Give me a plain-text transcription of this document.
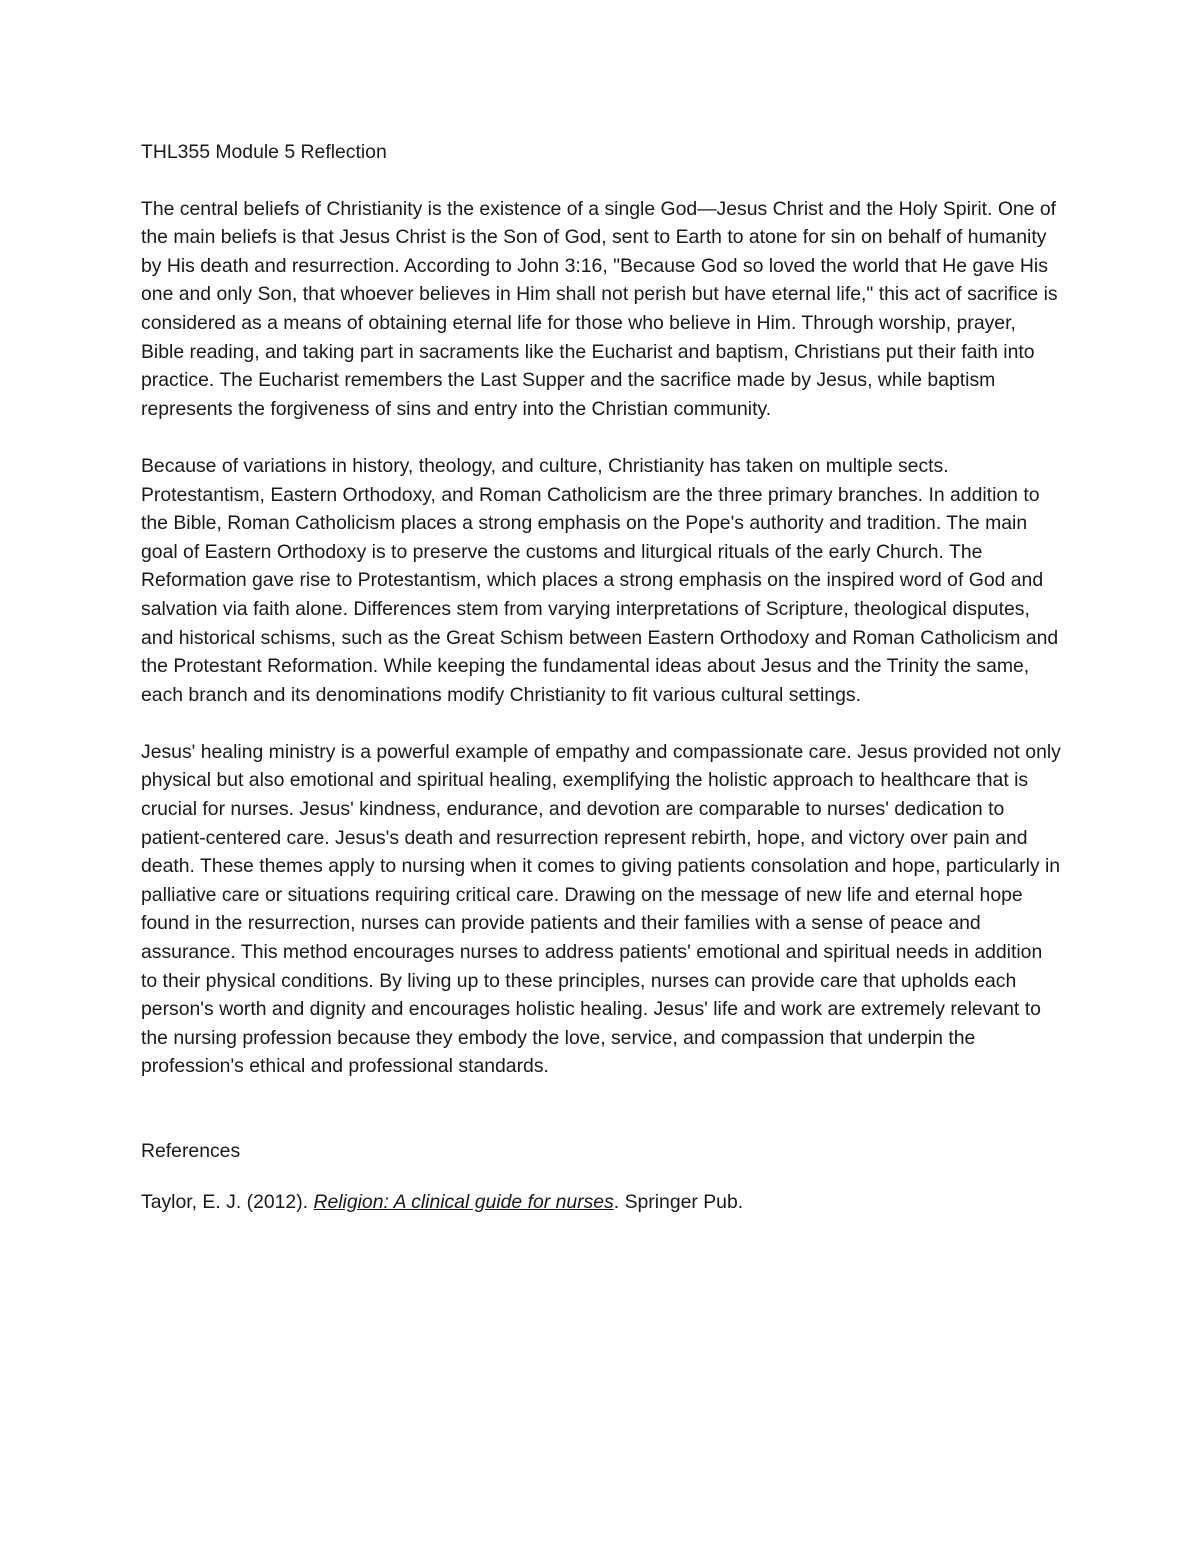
THL355 Module 5 Reflection

The central beliefs of Christianity is the existence of a single God—Jesus Christ and the Holy Spirit. One of the main beliefs is that Jesus Christ is the Son of God, sent to Earth to atone for sin on behalf of humanity by His death and resurrection. According to John 3:16, "Because God so loved the world that He gave His one and only Son, that whoever believes in Him shall not perish but have eternal life," this act of sacrifice is considered as a means of obtaining eternal life for those who believe in Him. Through worship, prayer, Bible reading, and taking part in sacraments like the Eucharist and baptism, Christians put their faith into practice. The Eucharist remembers the Last Supper and the sacrifice made by Jesus, while baptism represents the forgiveness of sins and entry into the Christian community.

Because of variations in history, theology, and culture, Christianity has taken on multiple sects. Protestantism, Eastern Orthodoxy, and Roman Catholicism are the three primary branches. In addition to the Bible, Roman Catholicism places a strong emphasis on the Pope's authority and tradition. The main goal of Eastern Orthodoxy is to preserve the customs and liturgical rituals of the early Church. The Reformation gave rise to Protestantism, which places a strong emphasis on the inspired word of God and salvation via faith alone. Differences stem from varying interpretations of Scripture, theological disputes, and historical schisms, such as the Great Schism between Eastern Orthodoxy and Roman Catholicism and the Protestant Reformation. While keeping the fundamental ideas about Jesus and the Trinity the same, each branch and its denominations modify Christianity to fit various cultural settings.

Jesus' healing ministry is a powerful example of empathy and compassionate care. Jesus provided not only physical but also emotional and spiritual healing, exemplifying the holistic approach to healthcare that is crucial for nurses. Jesus' kindness, endurance, and devotion are comparable to nurses' dedication to patient-centered care. Jesus's death and resurrection represent rebirth, hope, and victory over pain and death. These themes apply to nursing when it comes to giving patients consolation and hope, particularly in palliative care or situations requiring critical care. Drawing on the message of new life and eternal hope found in the resurrection, nurses can provide patients and their families with a sense of peace and assurance. This method encourages nurses to address patients' emotional and spiritual needs in addition to their physical conditions. By living up to these principles, nurses can provide care that upholds each person's worth and dignity and encourages holistic healing. Jesus' life and work are extremely relevant to the nursing profession because they embody the love, service, and compassion that underpin the profession's ethical and professional standards.

References

Taylor, E. J. (2012). Religion: A clinical guide for nurses. Springer Pub.
